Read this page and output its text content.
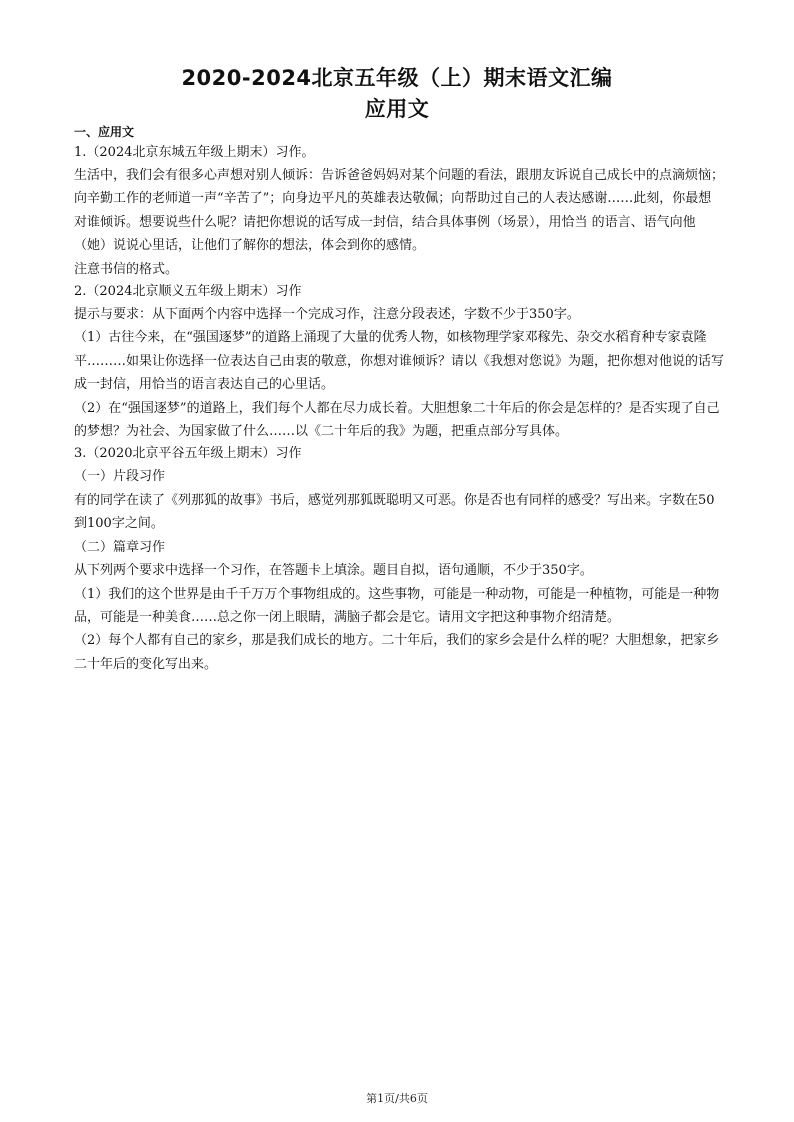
2020-2024北京五年级（上）期末语文汇编
应用文

一、应用文

1.（2024北京东城五年级上期末）习作。

生活中，我们会有很多心声想对别人倾诉：告诉爸爸妈妈对某个问题的看法，跟朋友诉说自己成长中的点滴烦恼；向辛勤工作的老师道一声“辛苦了”；向身边平凡的英雄表达敬佩；向帮助过自己的人表达感谢……此刻，你最想对谁倾诉。想要说些什么呢？请把你想说的话写成一封信，结合具体事例（场景），用恰当 的语言、语气向他（她）说说心里话，让他们了解你的想法，体会到你的感情。

注意书信的格式。

2.（2024北京顺义五年级上期末）习作

提示与要求：从下面两个内容中选择一个完成习作，注意分段表述，字数不少于350字。

（1）古往今来，在“强国逐梦”的道路上涌现了大量的优秀人物，如核物理学家邓稼先、杂交水稻育种专家袁隆平………如果让你选择一位表达自己由衷的敬意，你想对谁倾诉？请以《我想对您说》为题，把你想对他说的话写成一封信，用恰当的语言表达自己的心里话。

（2）在“强国逐梦”的道路上，我们每个人都在尽力成长着。大胆想象二十年后的你会是怎样的？是否实现了自己的梦想？为社会、为国家做了什么……以《二十年后的我》为题，把重点部分写具体。

3.（2020北京平谷五年级上期末）习作

（一）片段习作

有的同学在读了《列那狐的故事》书后，感觉列那狐既聪明又可恶。你是否也有同样的感受？写出来。字数在50到100字之间。

（二）篇章习作

从下列两个要求中选择一个习作，在答题卡上填涂。题目自拟，语句通顺，不少于350字。

（1）我们的这个世界是由千千万万个事物组成的。这些事物，可能是一种动物，可能是一种植物，可能是一种物品，可能是一种美食……总之你一闭上眼睛，满脑子都会是它。请用文字把这种事物介绍清楚。

（2）每个人都有自己的家乡，那是我们成长的地方。二十年后，我们的家乡会是什么样的呢？大胆想象，把家乡二十年后的变化写出来。

第1页/共6页
